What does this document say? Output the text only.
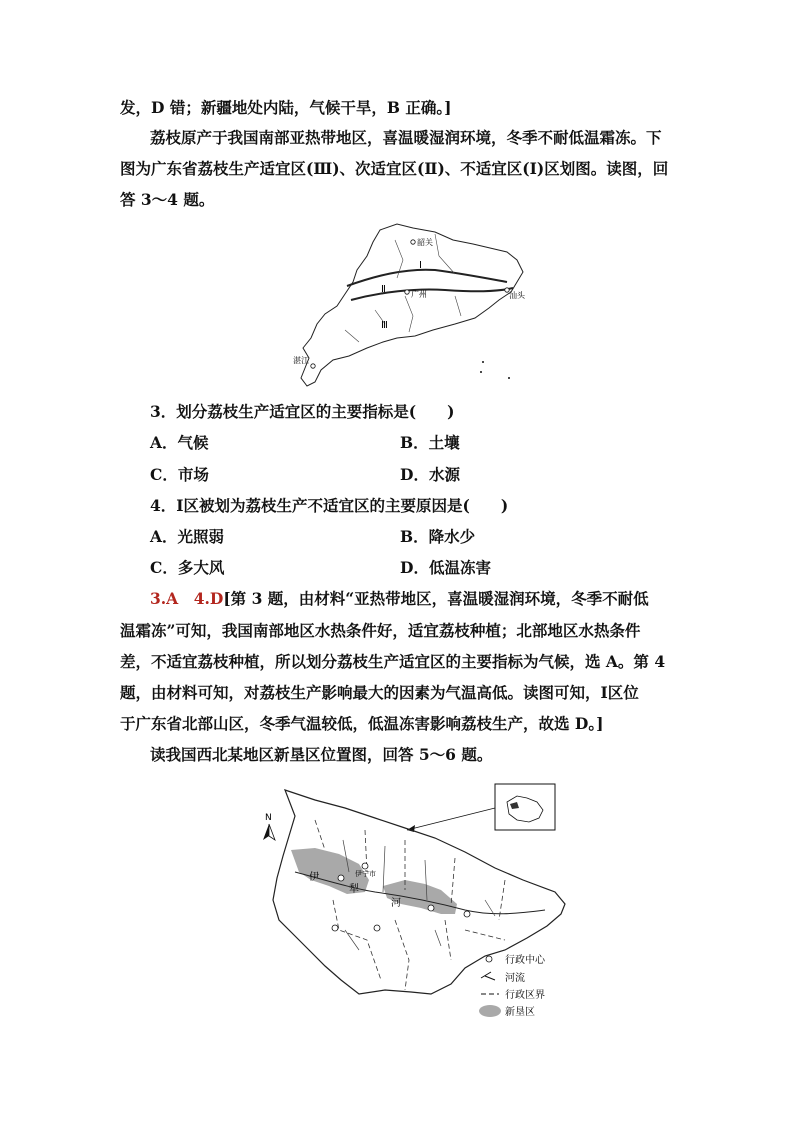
发，D 错；新疆地处内陆，气候干旱，B 正确。]
荔枝原产于我国南部亚热带地区，喜温暖湿润环境，冬季不耐低温霜冻。下
图为广东省荔枝生产适宜区(Ⅲ)、次适宜区(Ⅱ)、不适宜区(Ⅰ)区划图。读图，回
答 3～4 题。
韶关
广州	汕头
湛江
Ⅰ
Ⅱ
Ⅲ
3．划分荔枝生产适宜区的主要指标是(　　)
A．气候	B．土壤
C．市场	D．水源
4．Ⅰ区被划为荔枝生产不适宜区的主要原因是(　　)
A．光照弱	B．降水少
C．多大风	D．低温冻害
3.A　4.D[第 3 题，由材料“亚热带地区，喜温暖湿润环境，冬季不耐低
温霜冻”可知，我国南部地区水热条件好，适宜荔枝种植；北部地区水热条件
差，不适宜荔枝种植，所以划分荔枝生产适宜区的主要指标为气候，选 A。第 4
题，由材料可知，对荔枝生产影响最大的因素为气温高低。读图可知，Ⅰ区位
于广东省北部山区，冬季气温较低，低温冻害影响荔枝生产，故选 D。]
读我国西北某地区新垦区位置图，回答 5～6 题。
N
伊宁市
伊
犁
河
行政中心
河流
行政区界
新垦区
